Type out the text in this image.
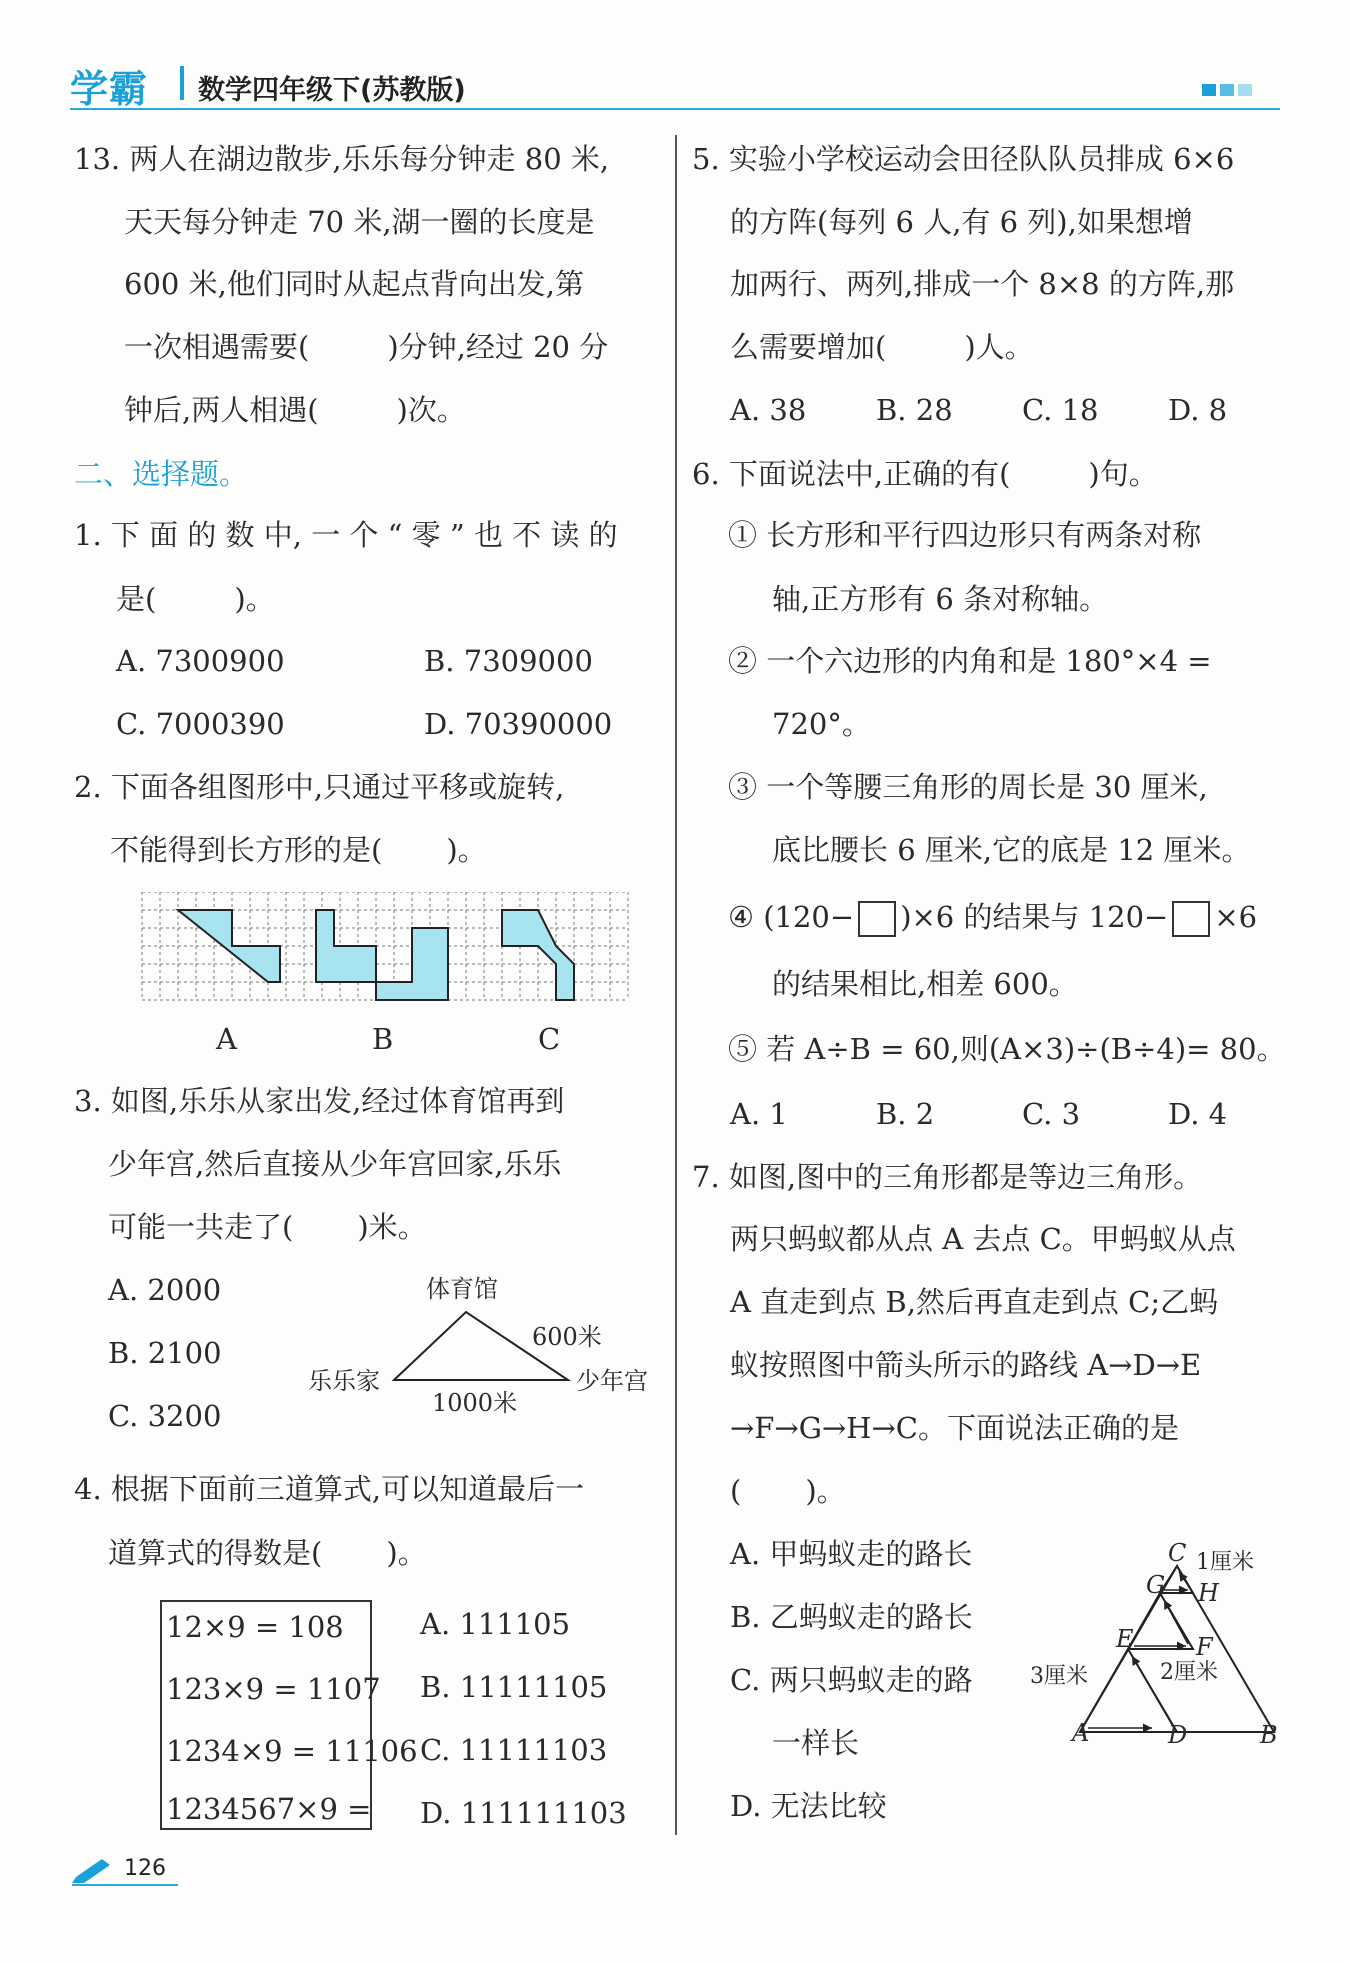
学霸 数学四年级下(苏教版)
13. 两人在湖边散步,乐乐每分钟走 80 米,
天天每分钟走 70 米,湖一圈的长度是
600 米,他们同时从起点背向出发,第
一次相遇需要(	)分钟,经过 20 分
钟后,两人相遇(	)次。
二、选择题。
1. 下 面 的 数 中, 一 个 “ 零 ” 也 不 读 的
是(	)。
A. 7300900	B. 7309000
C. 7000390	D. 70390000
2. 下面各组图形中,只通过平移或旋转,
不能得到长方形的是( )。
A	B	C
3. 如图,乐乐从家出发,经过体育馆再到
少年宫,然后直接从少年宫回家,乐乐
可能一共走了( )米。
A. 2000
B. 2100
C. 3200
体育馆
乐乐家	少年宫
600米
1000米
4. 根据下面前三道算式,可以知道最后一
道算式的得数是( )。
12×9 = 108
123×9 = 1107
1234×9 = 11106
1234567×9 =
A. 111105
B. 11111105
C. 11111103
D. 111111103
5. 实验小学校运动会田径队队员排成 6×6
的方阵(每列 6 人,有 6 列),如果想增
加两行、两列,排成一个 8×8 的方阵,那
么需要增加(	)人。
A. 38 B. 28 C. 18 D. 8
6. 下面说法中,正确的有(	)句。
① 长方形和平行四边形只有两条对称
轴,正方形有 6 条对称轴。
② 一个六边形的内角和是 180°×4 =
720°。
③ 一个等腰三角形的周长是 30 厘米,
底比腰长 6 厘米,它的底是 12 厘米。
④ (120− )×6 的结果与 120− ×6
的结果相比,相差 600。
⑤ 若 A÷B = 60,则(A×3)÷(B÷4)= 80。
A. 1	B. 2	C. 3	D. 4
7. 如图,图中的三角形都是等边三角形。
两只蚂蚁都从点 A 去点 C。甲蚂蚁从点
A 直走到点 B,然后再直走到点 C;乙蚂
蚁按照图中箭头所示的路线 A→D→E
→F→G→H→C。下面说法正确的是
( )。
A. 甲蚂蚁走的路长
B. 乙蚂蚁走的路长
C. 两只蚂蚁走的路
一样长
D. 无法比较
C 1厘米
G H
E	F
2厘米
3厘米
A	D	B
126
